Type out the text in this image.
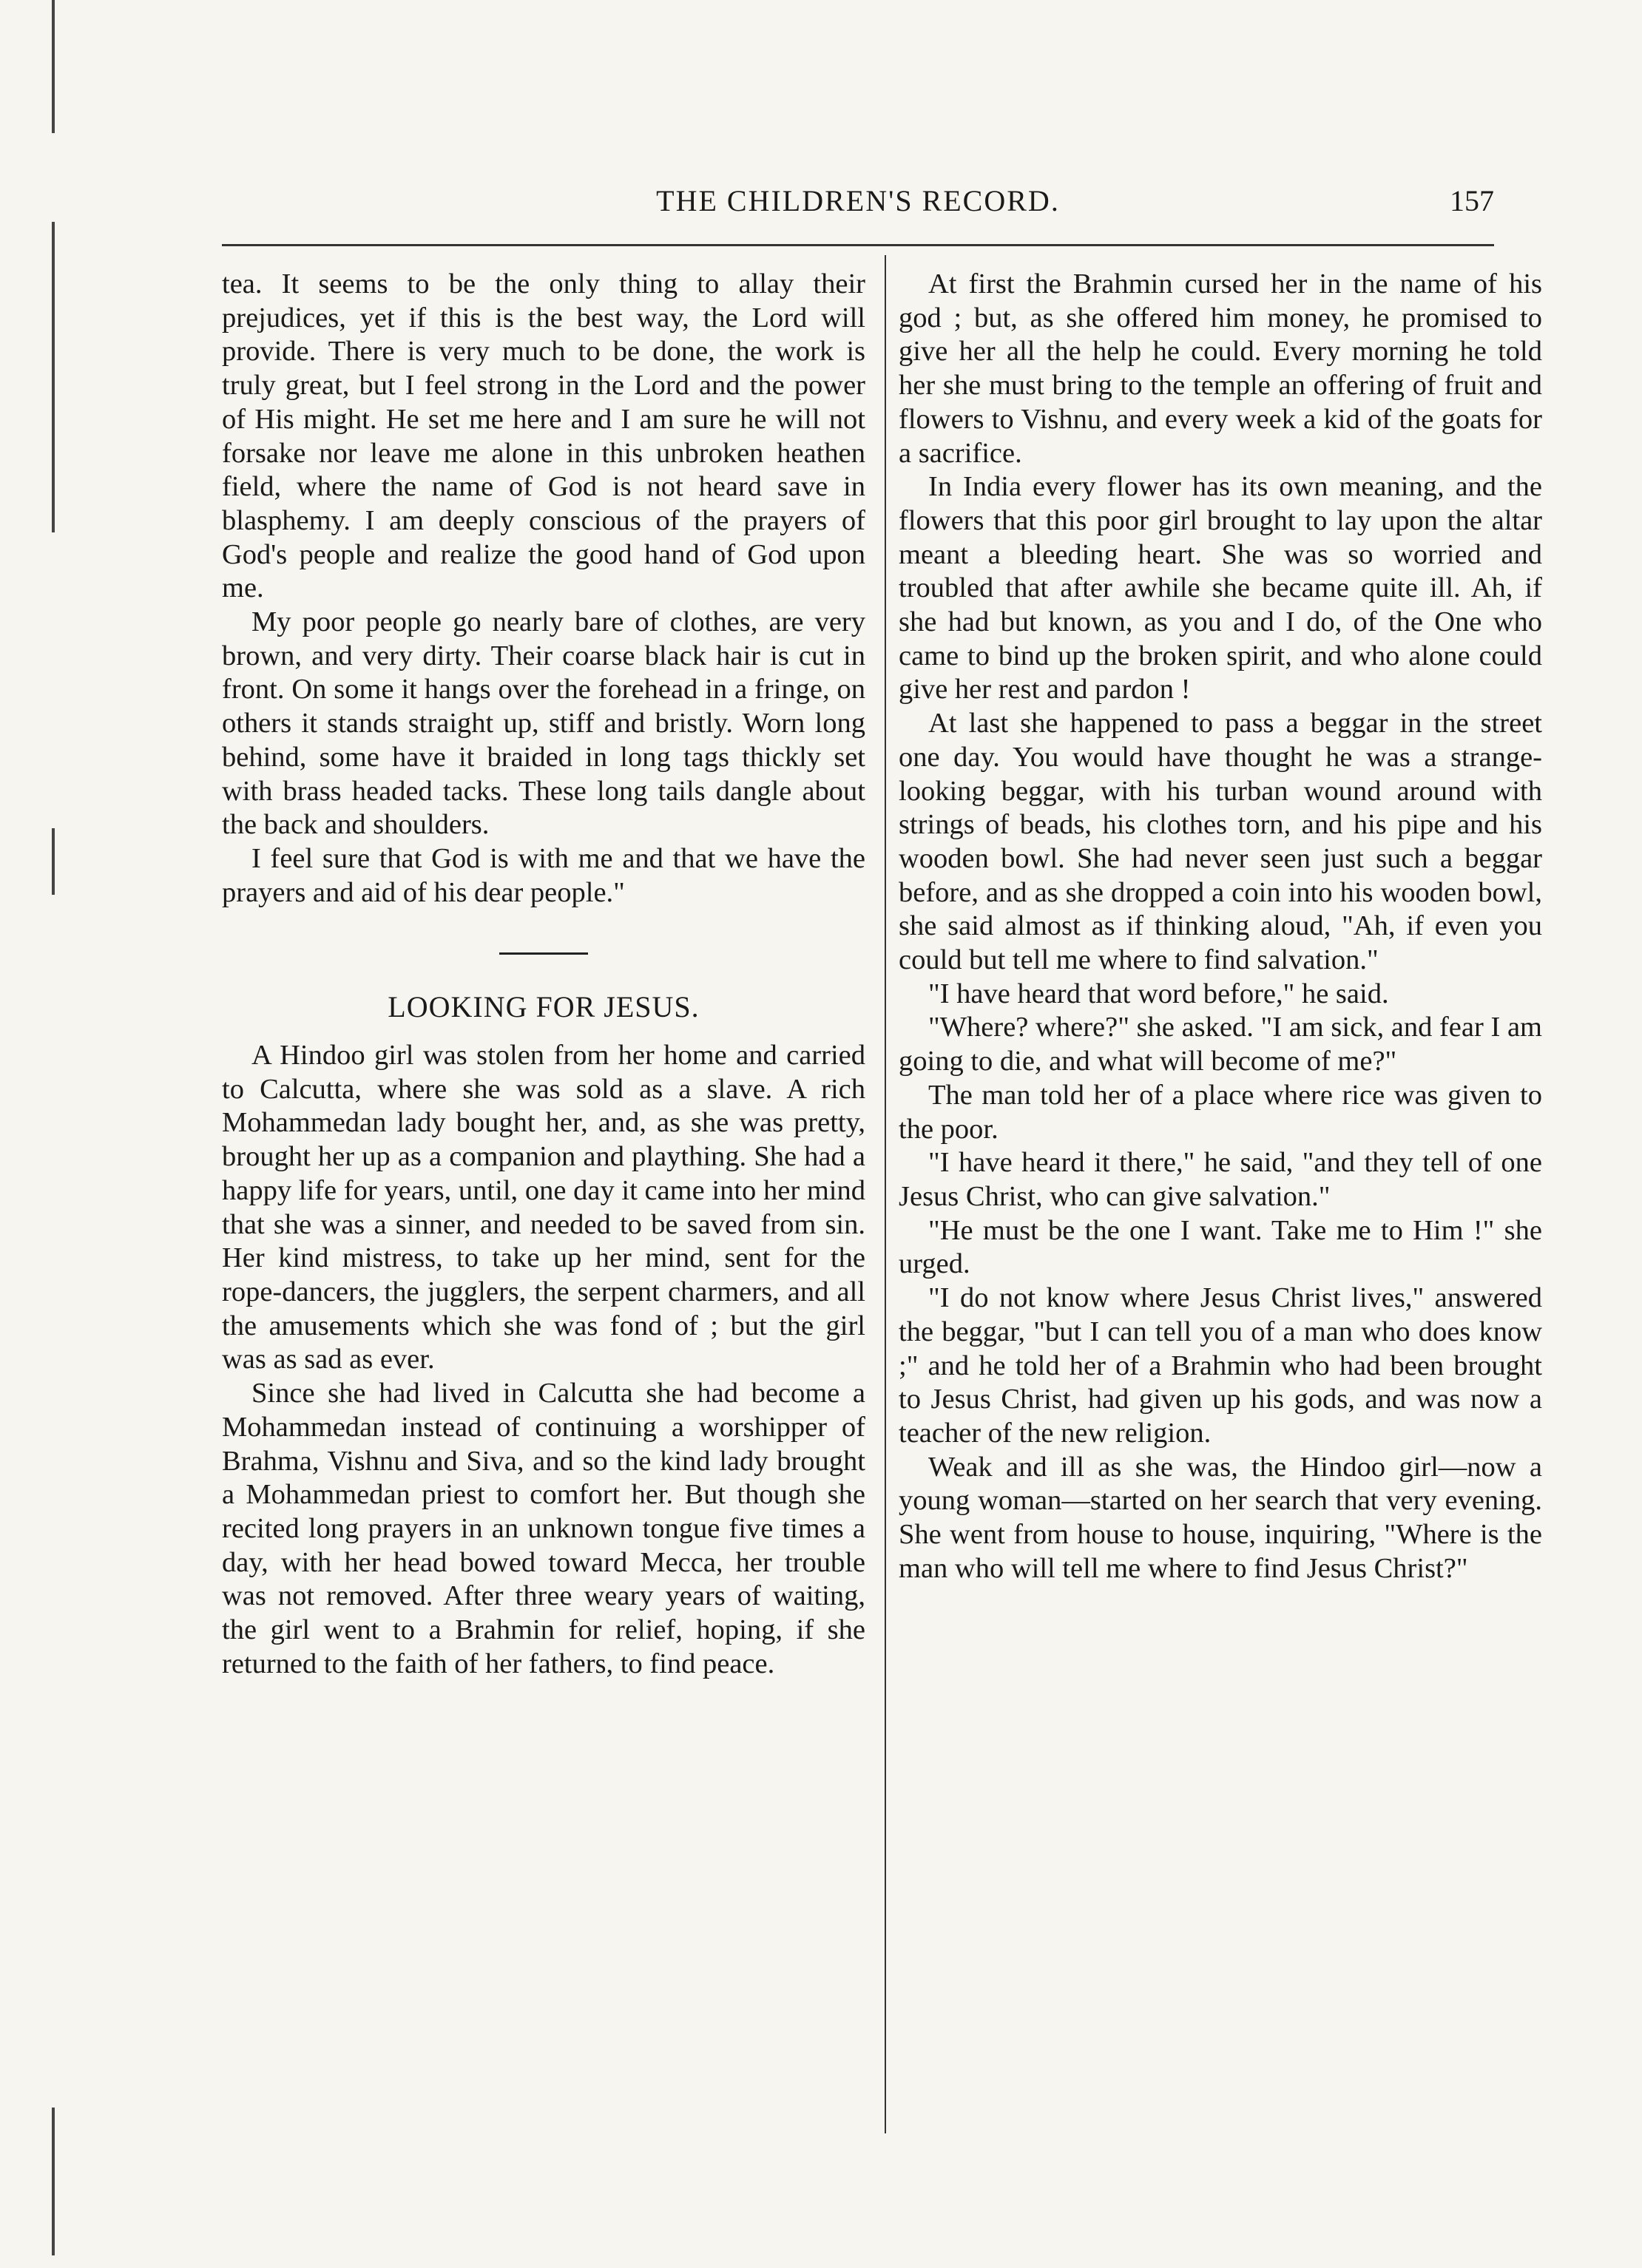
THE CHILDREN'S RECORD.	157

tea. It seems to be the only thing to allay their prejudices, yet if this is the best way, the Lord will provide. There is very much to be done, the work is truly great, but I feel strong in the Lord and the power of His might. He set me here and I am sure he will not forsake nor leave me alone in this unbroken heathen field, where the name of God is not heard save in blasphemy. I am deeply conscious of the prayers of God's people and realize the good hand of God upon me.

My poor people go nearly bare of clothes, are very brown, and very dirty. Their coarse black hair is cut in front. On some it hangs over the forehead in a fringe, on others it stands straight up, stiff and bristly. Worn long behind, some have it braided in long tags thickly set with brass headed tacks. These long tails dangle about the back and shoulders.

I feel sure that God is with me and that we have the prayers and aid of his dear people."

LOOKING FOR JESUS.

A Hindoo girl was stolen from her home and carried to Calcutta, where she was sold as a slave. A rich Mohammedan lady bought her, and, as she was pretty, brought her up as a companion and plaything. She had a happy life for years, until, one day it came into her mind that she was a sinner, and needed to be saved from sin. Her kind mistress, to take up her mind, sent for the rope-dancers, the jugglers, the serpent charmers, and all the amusements which she was fond of ; but the girl was as sad as ever.

Since she had lived in Calcutta she had become a Mohammedan instead of continuing a worshipper of Brahma, Vishnu and Siva, and so the kind lady brought a Mohammedan priest to comfort her. But though she recited long prayers in an unknown tongue five times a day, with her head bowed toward Mecca, her trouble was not removed. After three weary years of waiting, the girl went to a Brahmin for relief, hoping, if she returned to the faith of her fathers, to find peace.

At first the Brahmin cursed her in the name of his god ; but, as she offered him money, he promised to give her all the help he could. Every morning he told her she must bring to the temple an offering of fruit and flowers to Vishnu, and every week a kid of the goats for a sacrifice.

In India every flower has its own meaning, and the flowers that this poor girl brought to lay upon the altar meant a bleeding heart. She was so worried and troubled that after awhile she became quite ill. Ah, if she had but known, as you and I do, of the One who came to bind up the broken spirit, and who alone could give her rest and pardon !

At last she happened to pass a beggar in the street one day. You would have thought he was a strange-looking beggar, with his turban wound around with strings of beads, his clothes torn, and his pipe and his wooden bowl. She had never seen just such a beggar before, and as she dropped a coin into his wooden bowl, she said almost as if thinking aloud, "Ah, if even you could but tell me where to find salvation."

"I have heard that word before," he said.

"Where? where?" she asked. "I am sick, and fear I am going to die, and what will become of me?"

The man told her of a place where rice was given to the poor.

"I have heard it there," he said, "and they tell of one Jesus Christ, who can give salvation."

"He must be the one I want. Take me to Him !" she urged.

"I do not know where Jesus Christ lives," answered the beggar, "but I can tell you of a man who does know ;" and he told her of a Brahmin who had been brought to Jesus Christ, had given up his gods, and was now a teacher of the new religion.

Weak and ill as she was, the Hindoo girl—now a young woman—started on her search that very evening. She went from house to house, inquiring, "Where is the man who will tell me where to find Jesus Christ?"
